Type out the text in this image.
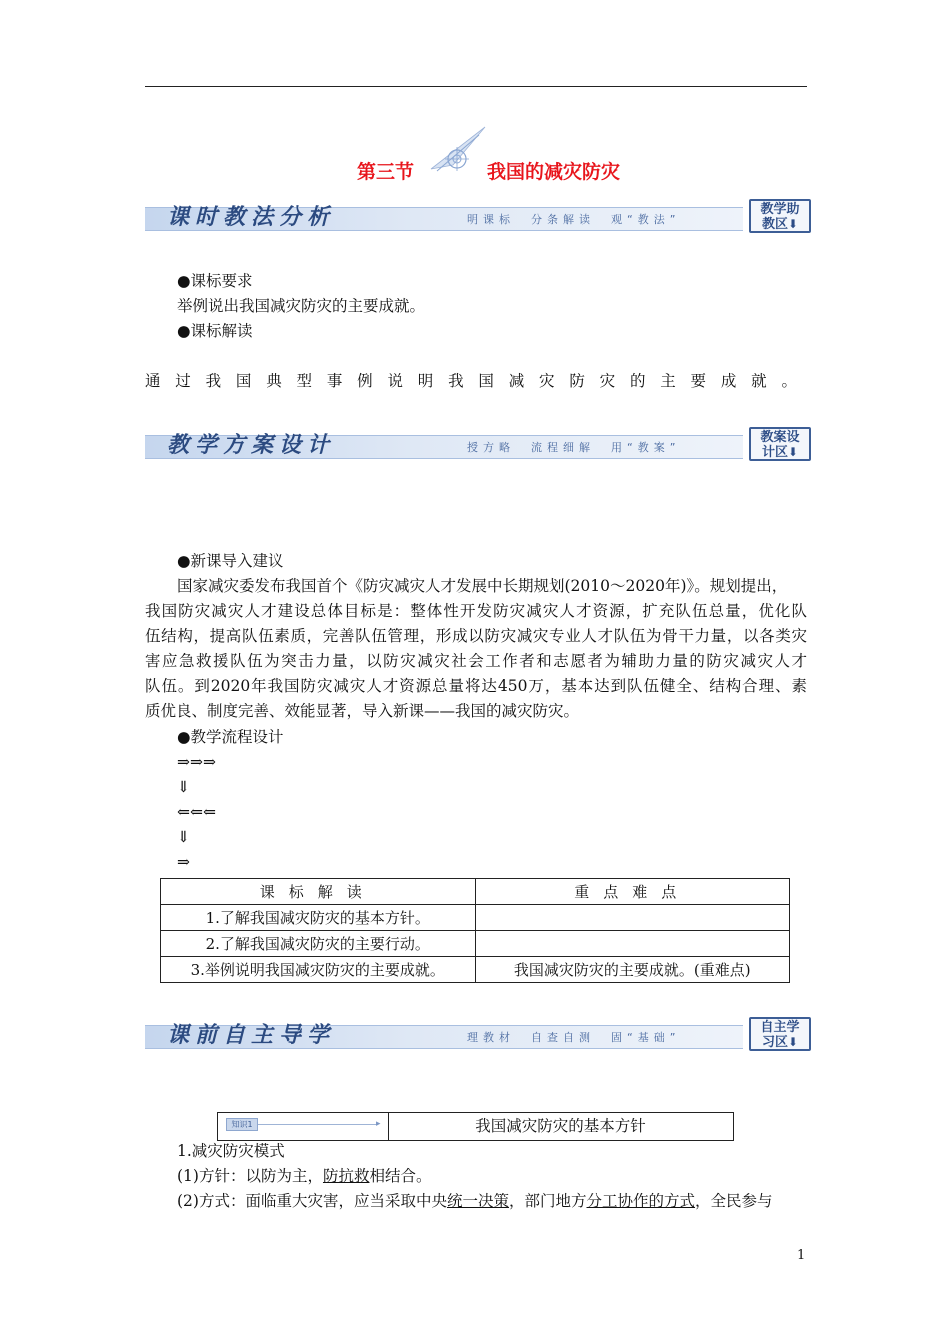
第三节	我国的减灾防灾
课时教法分析	明课标　分条解读　观“教法”
教学助
教区⬇
●课标要求
举例说出我国减灾防灾的主要成就。
●课标解读
通过我国典型事例说明我国减灾防灾的主要成就。
教学方案设计	授方略　流程细解　用“教案”
教案设
计区⬇
●新课导入建议
国家减灾委发布我国首个《防灾减灾人才发展中长期规划(2010～2020年)》。规划提出，
我国防灾减灾人才建设总体目标是：整体性开发防灾减灾人才资源，扩充队伍总量，优化队
伍结构，提高队伍素质，完善队伍管理，形成以防灾减灾专业人才队伍为骨干力量，以各类灾
害应急救援队伍为突击力量，以防灾减灾社会工作者和志愿者为辅助力量的防灾减灾人才
队伍。到2020年我国防灾减灾人才资源总量将达450万，基本达到队伍健全、结构合理、素
质优良、制度完善、效能显著，导入新课——我国的减灾防灾。
●教学流程设计
⇒⇒⇒
⇓
⇐⇐⇐
⇓
⇒
课标解读	重点难点
1.了解我国减灾防灾的基本方针。	
2.了解我国减灾防灾的主要行动。	
3.举例说明我国减灾防灾的主要成就。	我国减灾防灾的主要成就。(重难点)
课前自主导学	理教材　自查自测　固“基础”
自主学
习区⬇
知识1	▸	我国减灾防灾的基本方针
1.减灾防灾模式
(1)方针：以防为主，防抗救相结合。
(2)方式：面临重大灾害，应当采取中央统一决策，部门地方分工协作的方式，全民参与
1
